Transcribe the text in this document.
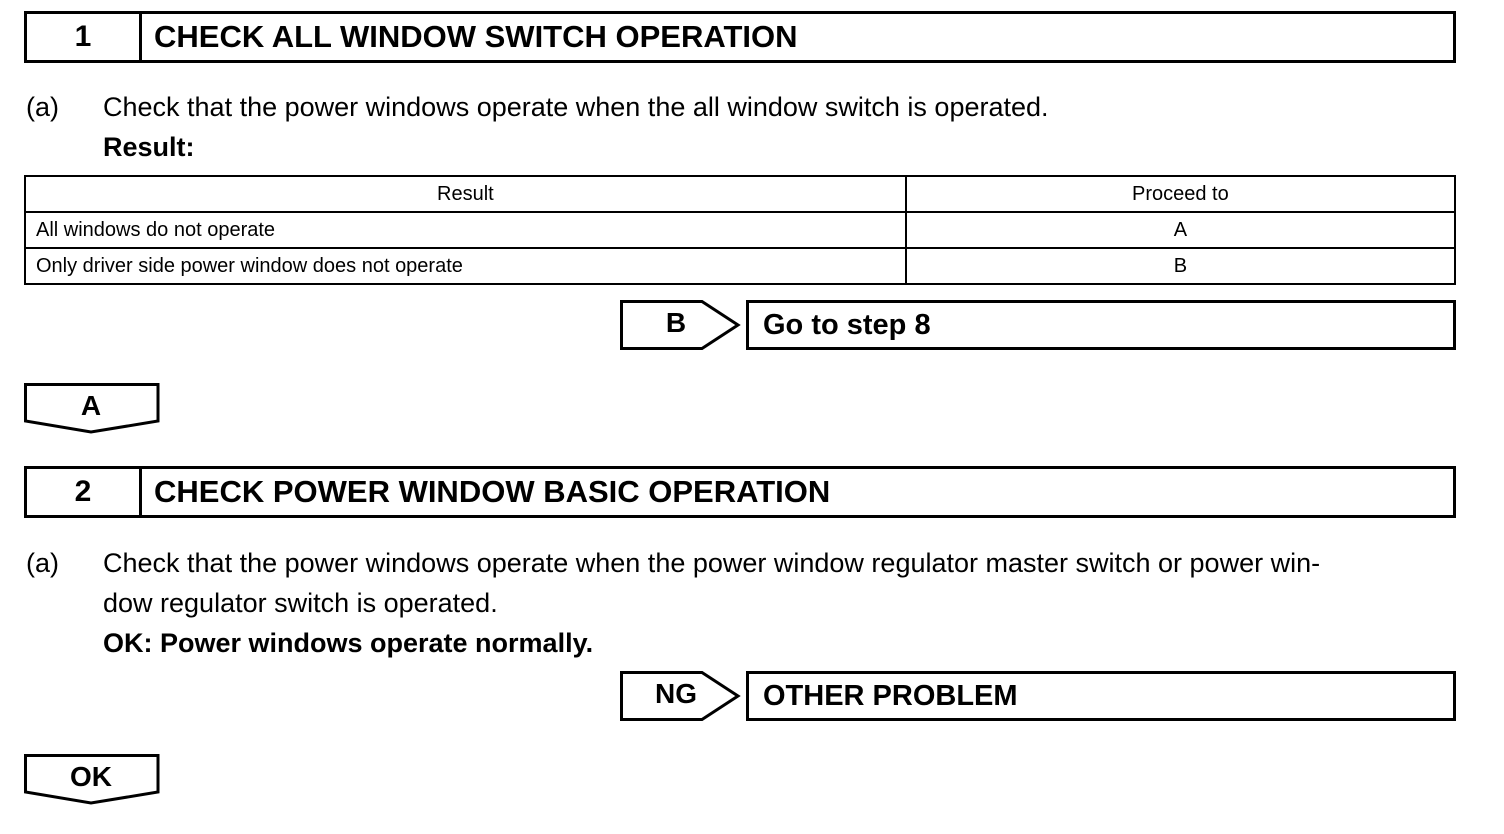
1	CHECK ALL WINDOW SWITCH OPERATION
(a) Check that the power windows operate when the all window switch is operated.
Result:
Result	Proceed to
All windows do not operate	A
Only driver side power window does not operate	B
B	Go to step 8
A
2	CHECK POWER WINDOW BASIC OPERATION
(a) Check that the power windows operate when the power window regulator master switch or power win-
dow regulator switch is operated.
OK: Power windows operate normally.
NG	OTHER PROBLEM
OK
